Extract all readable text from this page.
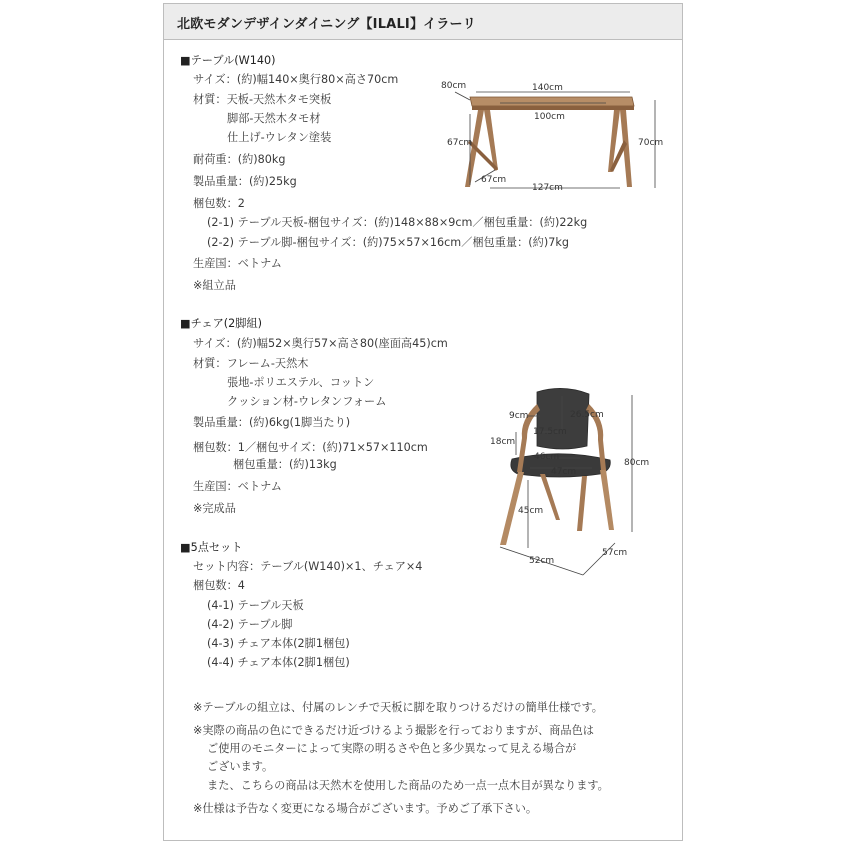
北欧モダンデザインダイニング【ILALI】イラーリ
■テーブル(W140)
サイズ：(約)幅140×奥行80×高さ70cm
材質：天板-天然木タモ突板
脚部-天然木タモ材
仕上げ-ウレタン塗装
耐荷重：(約)80kg
製品重量：(約)25kg
梱包数：2
(2-1) テーブル天板-梱包サイズ：(約)148×88×9cm／梱包重量：(約)22kg
(2-2) テーブル脚-梱包サイズ：(約)75×57×16cm／梱包重量：(約)7kg
生産国：ベトナム
※組立品
80cm	140cm
100cm
67cm	70cm
67cm
127cm
■チェア(2脚組)
サイズ：(約)幅52×奥行57×高さ80(座面高45)cm
材質：フレーム-天然木
張地-ポリエステル、コットン
クッション材-ウレタンフォーム
製品重量：(約)6kg(1脚当たり)
梱包数：1／梱包サイズ：(約)71×57×110cm
梱包重量：(約)13kg
生産国：ベトナム
※完成品
9cm	26.5cm
17.5cm
18cm
46cm
47cm
80cm
45cm
57cm
52cm
■5点セット
セット内容：テーブル(W140)×1、チェア×4
梱包数：4
(4-1) テーブル天板
(4-2) テーブル脚
(4-3) チェア本体(2脚1梱包)
(4-4) チェア本体(2脚1梱包)
※テーブルの組立は、付属のレンチで天板に脚を取りつけるだけの簡単仕様です。
※実際の商品の色にできるだけ近づけるよう撮影を行っておりますが、商品色は
ご使用のモニターによって実際の明るさや色と多少異なって見える場合が
ございます。
また、こちらの商品は天然木を使用した商品のため一点一点木目が異なります。
※仕様は予告なく変更になる場合がございます。予めご了承下さい。
